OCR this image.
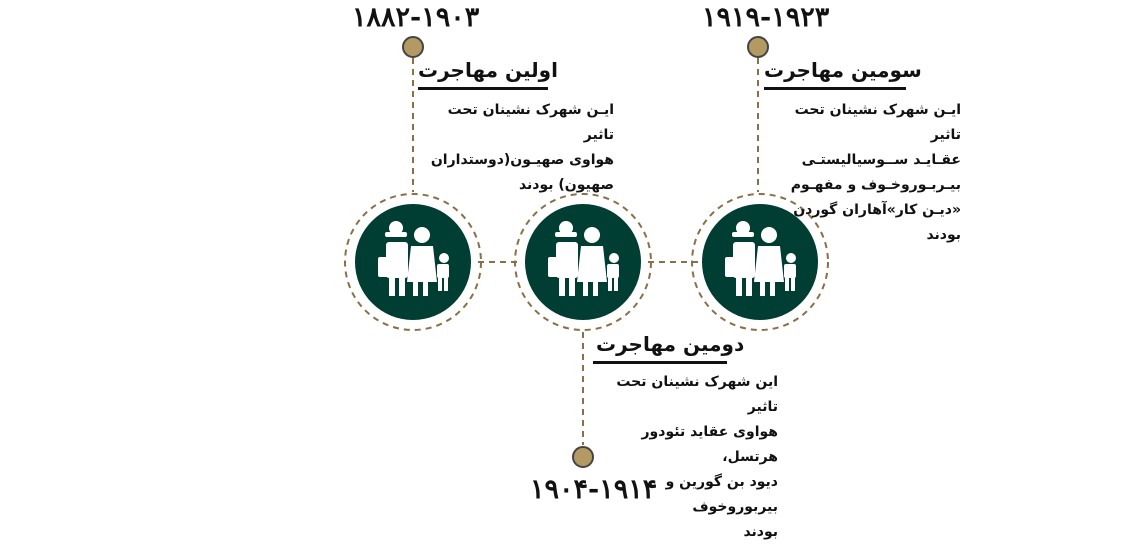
۱۸۸۲-۱۹۰۳	۱۹۱۹-۱۹۲۳
۱۹۰۴-۱۹۱۴
اولین مهاجرت	سومین مهاجرت
دومین مهاجرت
ایـن شهرک نشینان تحت تاثیر
هواوی صهیـون(دوستداران
صهیون) بودند
ایـن شهرک نشینان تحت تاثیر
عقـایـد ســوسیالیستـی
بیـربـوروخـوف و مفهـوم
«دیـن کار»آهاران گوردن بودند
این شهرک نشینان تحت تاثیر
هواوی عقاید تئودور هرتسل،
دیود بن گورین و بیربوروخوف
بودند
